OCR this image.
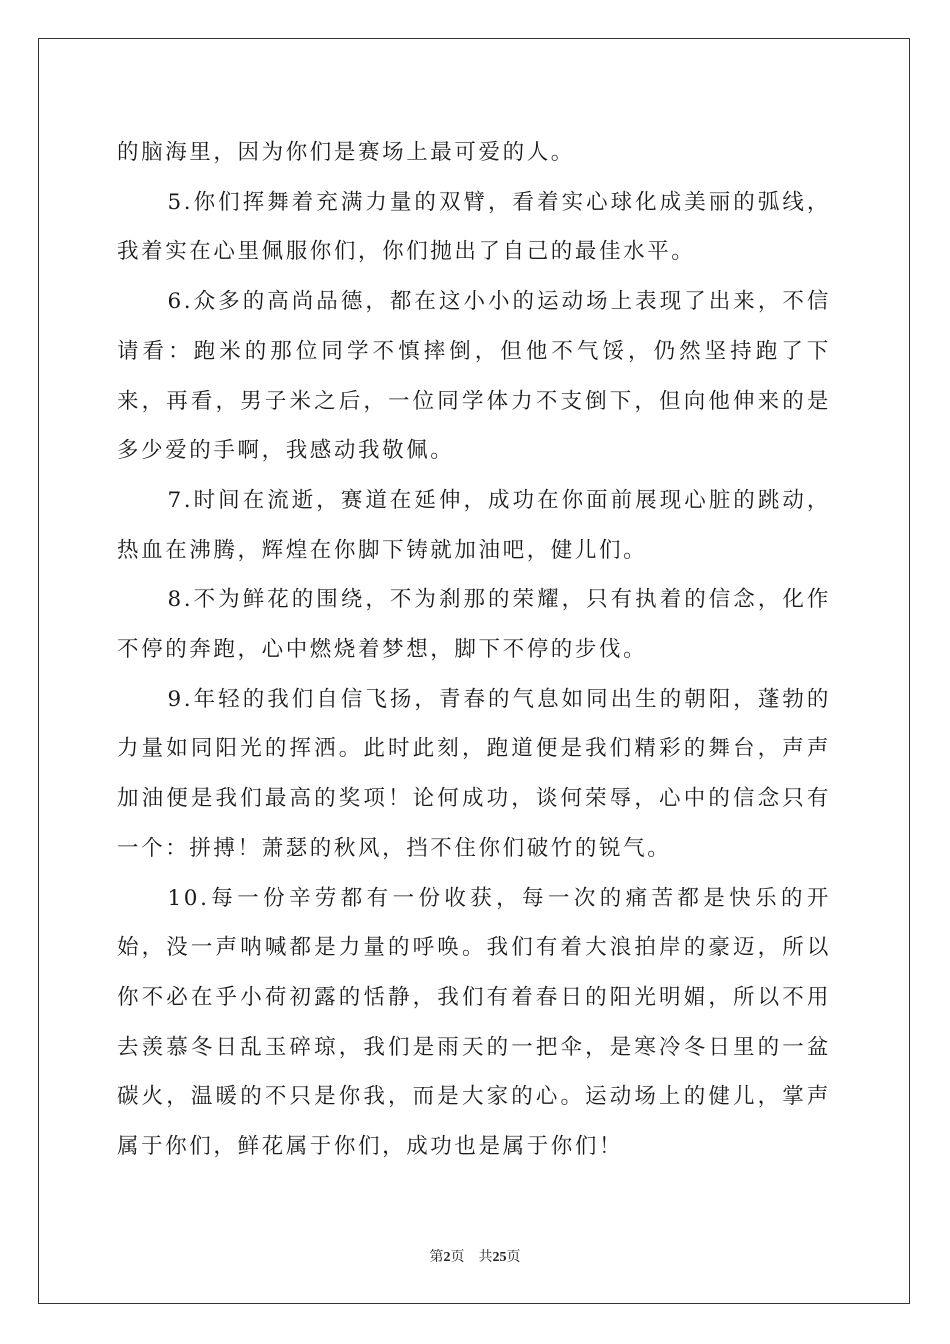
的脑海里，因为你们是赛场上最可爱的人。

5.你们挥舞着充满力量的双臂，看着实心球化成美丽的弧线，我着实在心里佩服你们，你们抛出了自己的最佳水平。

6.众多的高尚品德，都在这小小的运动场上表现了出来，不信请看：跑米的那位同学不慎摔倒，但他不气馁，仍然坚持跑了下来，再看，男子米之后，一位同学体力不支倒下，但向他伸来的是多少爱的手啊，我感动我敬佩。

7.时间在流逝，赛道在延伸，成功在你面前展现心脏的跳动，热血在沸腾，辉煌在你脚下铸就加油吧，健儿们。

8.不为鲜花的围绕，不为刹那的荣耀，只有执着的信念，化作不停的奔跑，心中燃烧着梦想，脚下不停的步伐。

9.年轻的我们自信飞扬，青春的气息如同出生的朝阳，蓬勃的力量如同阳光的挥洒。此时此刻，跑道便是我们精彩的舞台，声声加油便是我们最高的奖项！论何成功，谈何荣辱，心中的信念只有一个：拼搏！萧瑟的秋风，挡不住你们破竹的锐气。

10.每一份辛劳都有一份收获，每一次的痛苦都是快乐的开始，没一声呐喊都是力量的呼唤。我们有着大浪拍岸的豪迈，所以你不必在乎小荷初露的恬静，我们有着春日的阳光明媚，所以不用去羡慕冬日乱玉碎琼，我们是雨天的一把伞，是寒冷冬日里的一盆碳火，温暖的不只是你我，而是大家的心。运动场上的健儿，掌声属于你们，鲜花属于你们，成功也是属于你们！

第2页 共25页
